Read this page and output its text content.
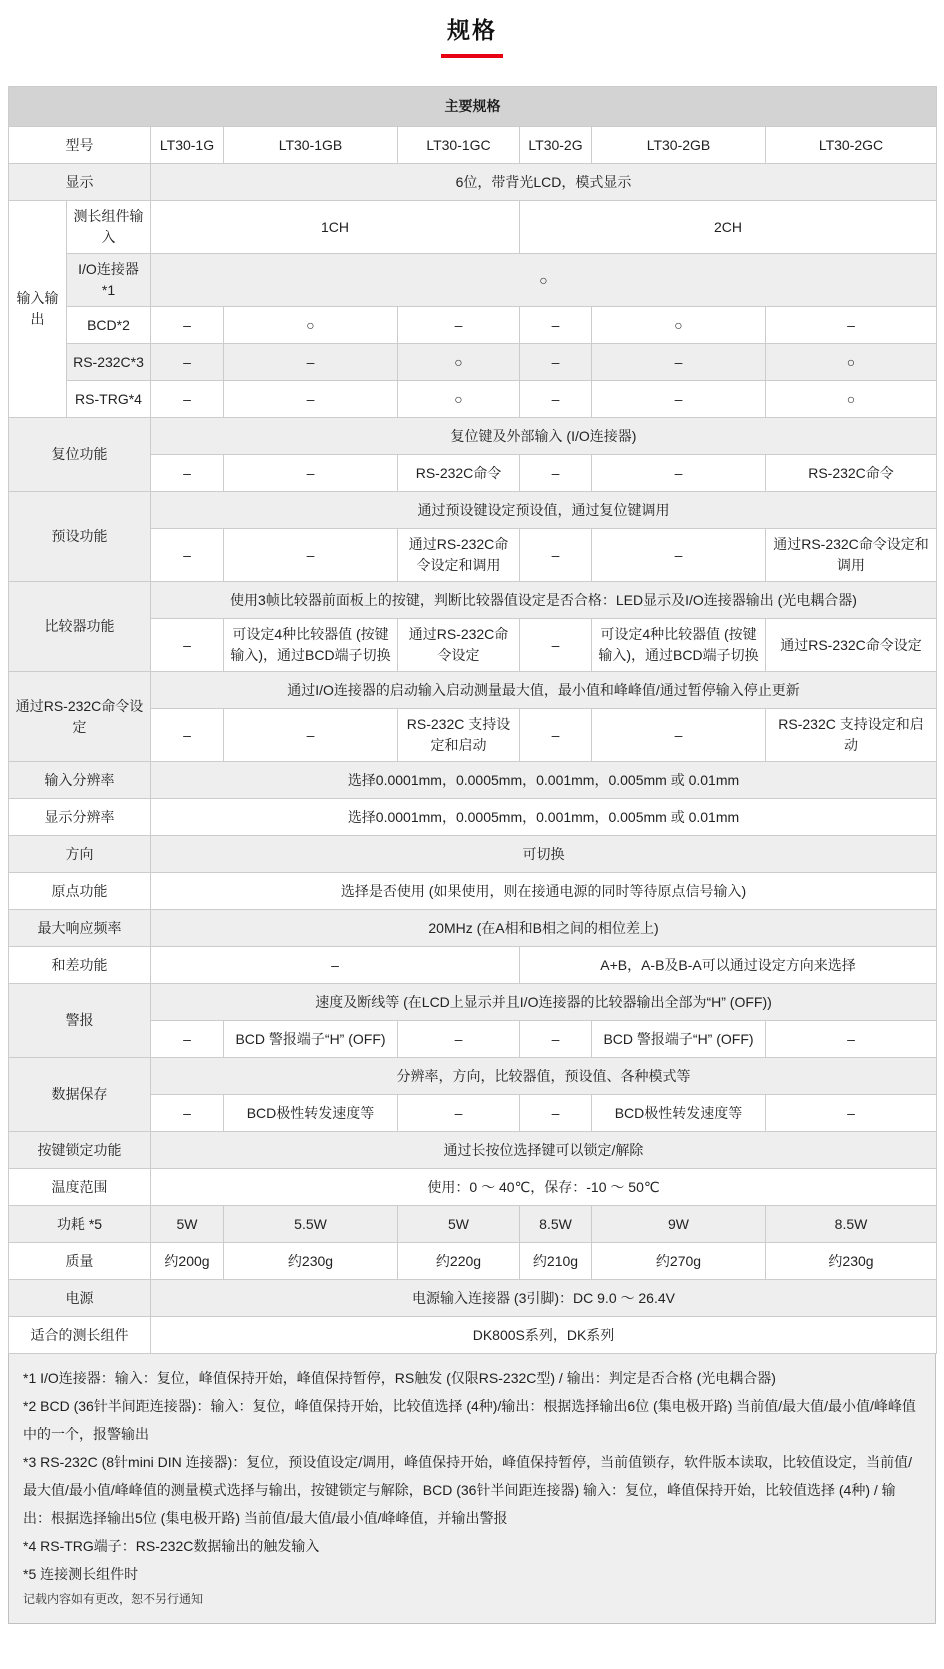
规格
主要规格							
型号		LT30-1G	LT30-1GB	LT30-1GC	LT30-2G	LT30-2GB	LT30-2GC
显示		6位，带背光LCD，模式显示					
输入输出	测长组件输入	1CH			2CH		
	I/O连接器 *1	○					
	BCD*2	–	○	–	–	○	–
	RS-232C*3	–	–	○	–	–	○
	RS-TRG*4	–	–	○	–	–	○
复位功能		复位键及外部输入 (I/O连接器)					
		–	–	RS-232C命令	–	–	RS-232C命令
预设功能		通过预设键设定预设值，通过复位键调用					
		–	–	通过RS-232C命令设定和调用	–	–	通过RS-232C命令设定和调用
比较器功能		使用3帧比较器前面板上的按键，判断比较器值设定是否合格：LED显示及I/O连接器输出 (光电耦合器)					
		–	可设定4种比较器值 (按键输入)，通过BCD端子切换	通过RS-232C命令设定	–	可设定4种比较器值 (按键输入)，通过BCD端子切换	通过RS-232C命令设定
通过RS-232C命令设定		通过I/O连接器的启动输入启动测量最大值，最小值和峰峰值/通过暂停输入停止更新					
		–	–	RS-232C 支持设定和启动	–	–	RS-232C 支持设定和启动
输入分辨率		选择0.0001mm，0.0005mm，0.001mm，0.005mm 或 0.01mm					
显示分辨率		选择0.0001mm，0.0005mm，0.001mm，0.005mm 或 0.01mm					
方向		可切换					
原点功能		选择是否使用 (如果使用，则在接通电源的同时等待原点信号输入)					
最大响应频率		20MHz (在A相和B相之间的相位差上)					
和差功能		–			A+B，A-B及B-A可以通过设定方向来选择		
警报		速度及断线等 (在LCD上显示并且I/O连接器的比较器输出全部为“H” (OFF))					
		–	BCD 警报端子“H” (OFF)	–	–	BCD 警报端子“H” (OFF)	–
数据保存		分辨率，方向，比较器值，预设值、各种模式等					
		–	BCD极性转发速度等	–	–	BCD极性转发速度等	–
按键锁定功能		通过长按位选择键可以锁定/解除					
温度范围		使用：0 ～ 40℃，保存：-10 ～ 50℃					
功耗 *5		5W	5.5W	5W	8.5W	9W	8.5W
质量		约200g	约230g	约220g	约210g	约270g	约230g
电源		电源输入连接器 (3引脚)：DC 9.0 ～ 26.4V					
适合的测长组件		DK800S系列，DK系列					
*1 I/O连接器：输入：复位，峰值保持开始，峰值保持暂停，RS触发 (仅限RS-232C型) / 输出：判定是否合格 (光电耦合器)
*2 BCD (36针半间距连接器)：输入：复位，峰值保持开始，比较值选择 (4种)/输出：根据选择输出6位 (集电极开路) 当前值/最大值/最小值/峰峰值中的一个，报警输出
*3 RS-232C (8针mini DIN 连接器)：复位，预设值设定/调用，峰值保持开始，峰值保持暂停，当前值锁存，软件版本读取，比较值设定，当前值/最大值/最小值/峰峰值的测量模式选择与输出，按键锁定与解除，BCD (36针半间距连接器) 输入：复位，峰值保持开始，比较值选择 (4种) / 输出：根据选择输出5位 (集电极开路) 当前值/最大值/最小值/峰峰值，并输出警报
*4 RS-TRG端子：RS-232C数据输出的触发输入
*5 连接测长组件时
记载内容如有更改，恕不另行通知
